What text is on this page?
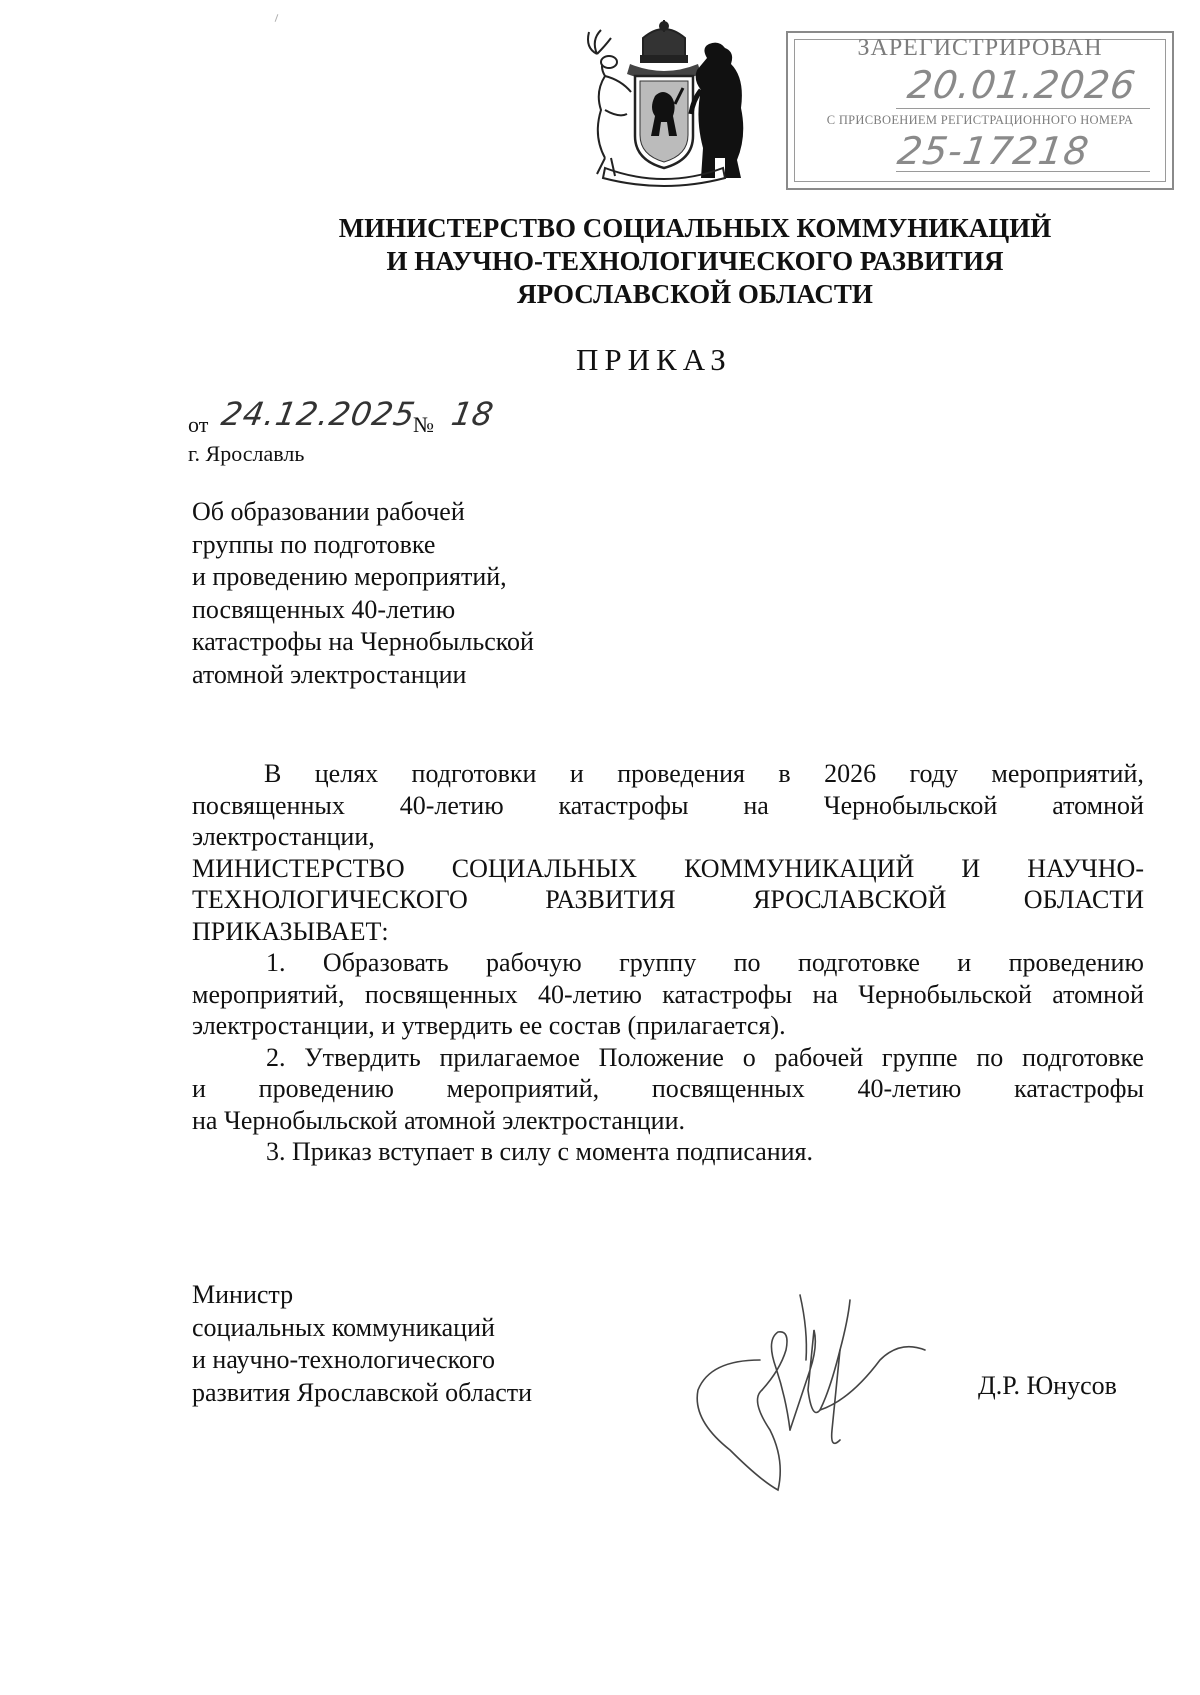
ЗАРЕГИСТРИРОВАН
20.01.2026
С ПРИСВОЕНИЕМ РЕГИСТРАЦИОННОГО НОМЕРА
25-17218
МИНИСТЕРСТВО СОЦИАЛЬНЫХ КОММУНИКАЦИЙ
И НАУЧНО-ТЕХНОЛОГИЧЕСКОГО РАЗВИТИЯ
ЯРОСЛАВСКОЙ ОБЛАСТИ
ПРИКАЗ
от 24.12.2025
№ 18
г. Ярославль
Об образовании рабочей
группы по подготовке
и проведению мероприятий,
посвященных 40-летию
катастрофы на Чернобыльской
атомной электростанции
В целях подготовки и проведения в 2026 году мероприятий,
посвященных 40-летию катастрофы на Чернобыльской атомной
электростанции,
МИНИСТЕРСТВО СОЦИАЛЬНЫХ КОММУНИКАЦИЙ И НАУЧНО-
ТЕХНОЛОГИЧЕСКОГО	РАЗВИТИЯ	ЯРОСЛАВСКОЙ	ОБЛАСТИ
ПРИКАЗЫВАЕТ:
1. Образовать рабочую группу по подготовке и проведению
мероприятий, посвященных 40-летию катастрофы на Чернобыльской атомной
электростанции, и утвердить ее состав (прилагается).
2. Утвердить прилагаемое Положение о рабочей группе по подготовке
и проведению мероприятий, посвященных 40-летию катастрофы
на Чернобыльской атомной электростанции.
3. Приказ вступает в силу с момента подписания.
Министр
социальных коммуникаций
и научно-технологического
развития Ярославской области	Д.Р. Юнусов
